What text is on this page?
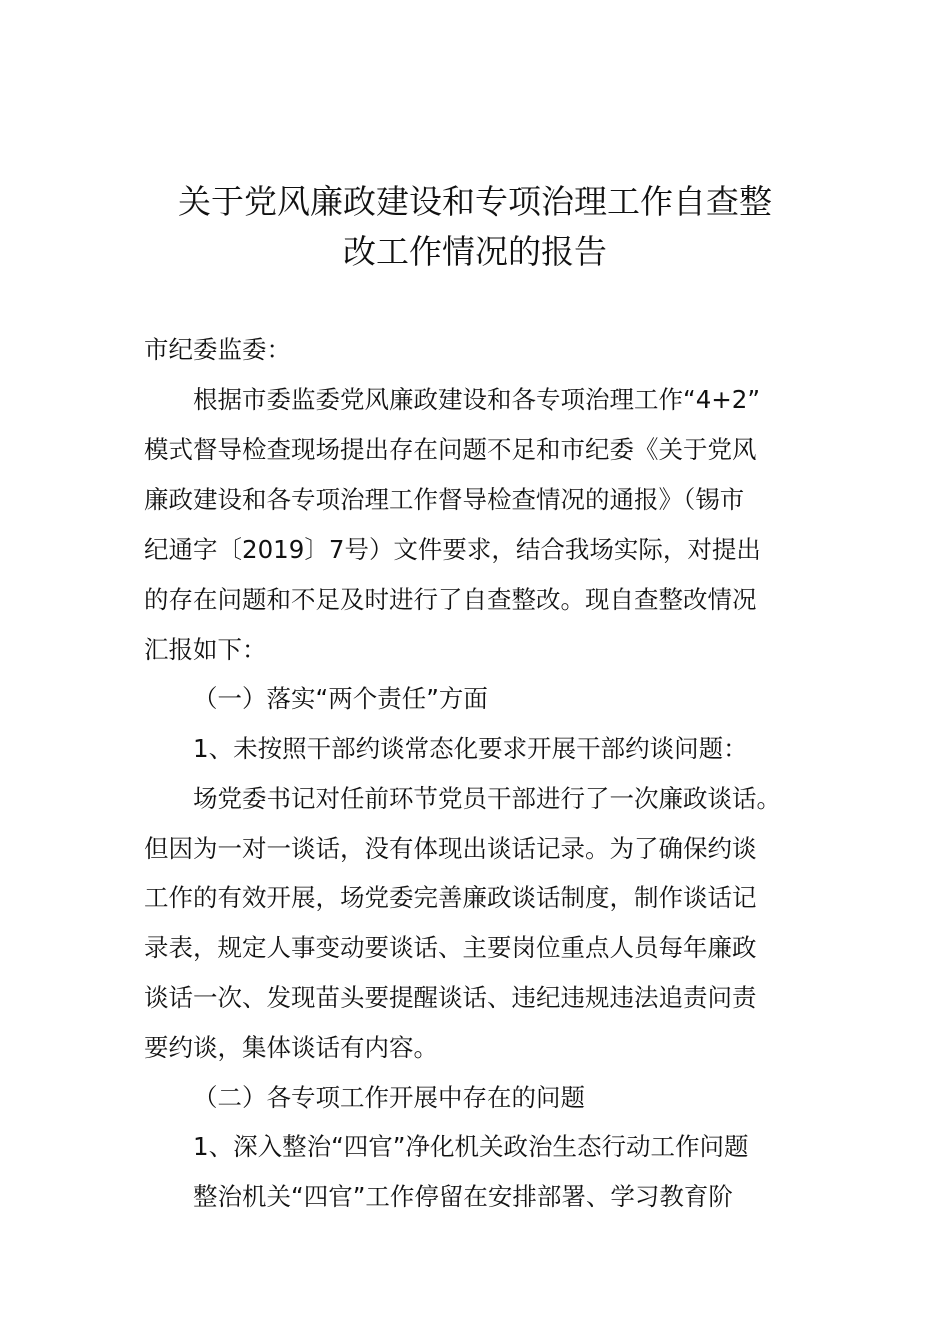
关于党风廉政建设和专项治理工作自查整
改工作情况的报告
市纪委监委：
根据市委监委党风廉政建设和各专项治理工作“4+2”
模式督导检查现场提出存在问题不足和市纪委《关于党风
廉政建设和各专项治理工作督导检查情况的通报》（锡市
纪通字〔2019〕7号）文件要求，结合我场实际，对提出
的存在问题和不足及时进行了自查整改。现自查整改情况
汇报如下：
（一）落实“两个责任”方面
1、未按照干部约谈常态化要求开展干部约谈问题：
场党委书记对任前环节党员干部进行了一次廉政谈话。
但因为一对一谈话，没有体现出谈话记录。为了确保约谈
工作的有效开展，场党委完善廉政谈话制度，制作谈话记
录表，规定人事变动要谈话、主要岗位重点人员每年廉政
谈话一次、发现苗头要提醒谈话、违纪违规违法追责问责
要约谈，集体谈话有内容。
（二）各专项工作开展中存在的问题
1、深入整治“四官”净化机关政治生态行动工作问题
整治机关“四官”工作停留在安排部署、学习教育阶
